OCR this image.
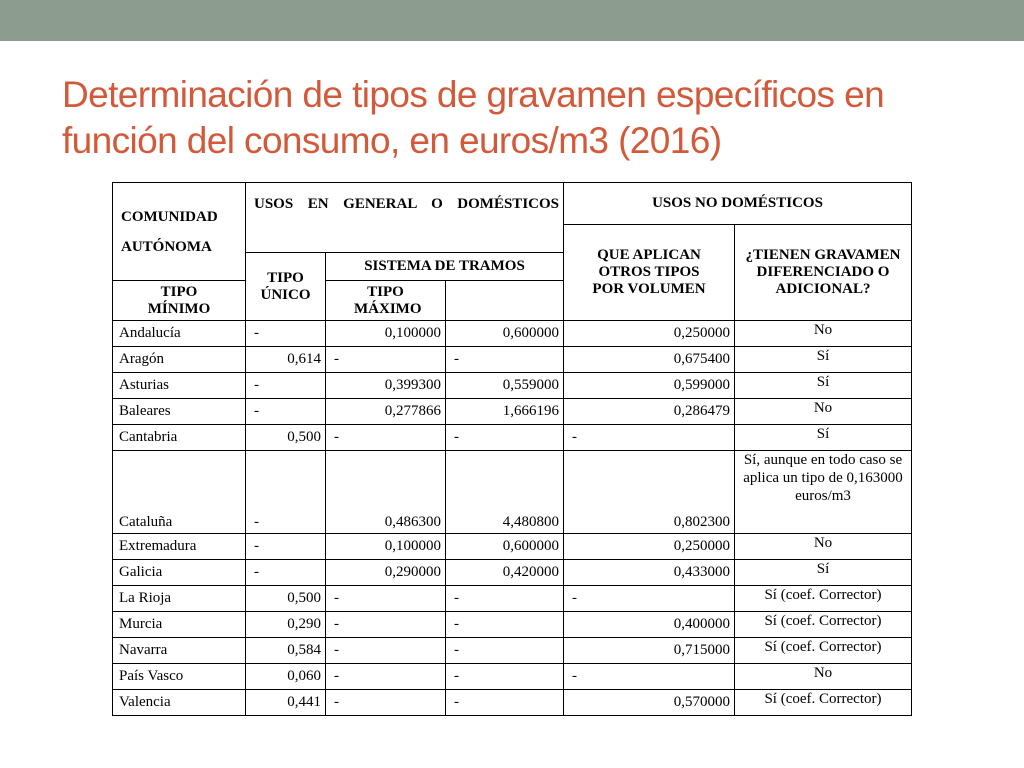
Determinación de tipos de gravamen específicos en función del consumo, en euros/m3 (2016)
COMUNIDAD AUTÓNOMA	USOS EN GENERAL O DOMÉSTICOS			USOS NO DOMÉSTICOS	
				QUE APLICAN OTROS TIPOS POR VOLUMEN	¿TIENEN GRAVAMEN DIFERENCIADO O ADICIONAL?
	TIPO ÚNICO	SISTEMA DE TRAMOS			
TIPO MÍNIMO		TIPO MÁXIMO			
Andalucía	-	0,100000	0,600000	0,250000	No
Aragón	0,614	-	-	0,675400	Sí
Asturias	-	0,399300	0,559000	0,599000	Sí
Baleares	-	0,277866	1,666196	0,286479	No
Cantabria	0,500	-	-	-	Sí
Cataluña	-	0,486300	4,480800	0,802300	Sí, aunque en todo caso se aplica un tipo de 0,163000 euros/m3
Extremadura	-	0,100000	0,600000	0,250000	No
Galicia	-	0,290000	0,420000	0,433000	Sí
La Rioja	0,500	-	-	-	Sí (coef. Corrector)
Murcia	0,290	-	-	0,400000	Sí (coef. Corrector)
Navarra	0,584	-	-	0,715000	Sí (coef. Corrector)
País Vasco	0,060	-	-	-	No
Valencia	0,441	-	-	0,570000	Sí (coef. Corrector)
